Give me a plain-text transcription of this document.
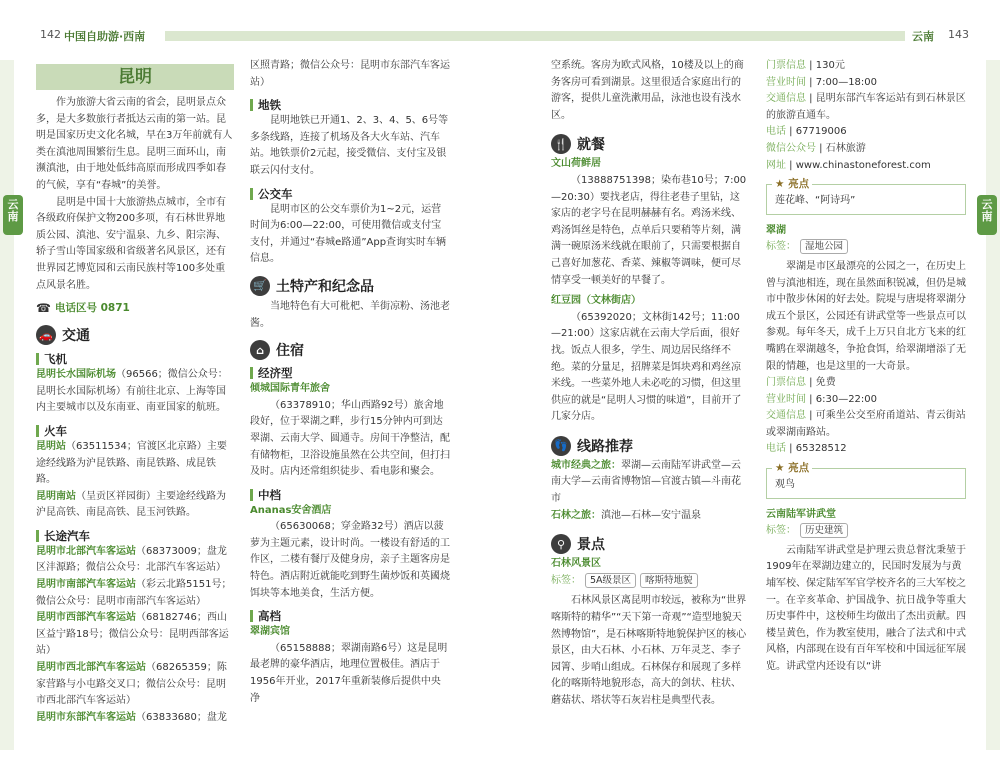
142 中国自助游·西南	云南 143
云南
云南
昆明
作为旅游大省云南的省会，昆明景点众多，是大多数旅行者抵达云南的第一站。昆明是国家历史文化名城，早在3万年前就有人类在滇池周围繁衍生息。昆明三面环山，南濒滇池，由于地处低纬高原而形成四季如春的气候，享有“春城”的美誉。
昆明是中国十大旅游热点城市，全市有各级政府保护文物200多项，有石林世界地质公园、滇池、安宁温泉、九乡、阳宗海、轿子雪山等国家级和省级著名风景区，还有世界园艺博览园和云南民族村等100多处重点风景名胜。
☎ 电话区号 0871
🚗 交通
飞机
昆明长水国际机场（96566；微信公众号：昆明长水国际机场）有前往北京、上海等国内主要城市以及东南亚、南亚国家的航班。
火车
昆明站（63511534；官渡区北京路）主要途经线路为沪昆铁路、南昆铁路、成昆铁路。
昆明南站（呈贡区祥园街）主要途经线路为沪昆高铁、南昆高铁、昆玉河铁路。
长途汽车
昆明市北部汽车客运站（68373009；盘龙区沣源路；微信公众号：北部汽车客运站）
昆明市南部汽车客运站（彩云北路5151号；微信公众号：昆明市南部汽车客运站）
昆明市西部汽车客运站（68182746；西山区益宁路18号；微信公众号：昆明西部客运站）
昆明市西北部汽车客运站（68265359；陈家营路与小屯路交叉口；微信公众号：昆明市西北部汽车客运站）
昆明市东部汽车客运站（63833680；盘龙
区照青路；微信公众号：昆明市东部汽车客运站）
地铁
昆明地铁已开通1、2、3、4、5、6号等多条线路，连接了机场及各大火车站、汽车站。地铁票价2元起，接受微信、支付宝及银联云闪付支付。
公交车
昆明市区的公交车票价为1~2元，运营时间为6:00—22:00，可使用微信或支付宝支付，并通过“春城e路通”App查询实时车辆信息。
🛒 土特产和纪念品
当地特色有大可枇杷、羊街凉粉、汤池老酱。
⌂ 住宿
经济型
倾城国际青年旅舍
（63378910；华山西路92号）旅舍地段好，位于翠湖之畔，步行15分钟内可到达翠湖、云南大学、圆通寺。房间干净整洁，配有储物柜，卫浴设施虽然在公共空间，但打扫及时。店内还常组织徒步、看电影和聚会。
中档
Ananas安舍酒店
（65630068；穿金路32号）酒店以菠萝为主题元素，设计时尚。一楼设有舒适的工作区，二楼有餐厅及健身房，亲子主题客房是特色。酒店附近就能吃到野生菌炒饭和英國烧饵块等本地美食，生活方便。
高档
翠湖宾馆
（65158888；翠湖南路6号）这是昆明最老牌的豪华酒店，地理位置极佳。酒店于1956年开业，2017年重新装修后提供中央净
空系统。客房为欧式风格，10楼及以上的商务客房可看到湖景。这里很适合家庭出行的游客，提供儿童洗漱用品，泳池也设有浅水区。
🍴 就餐
文山荷鲜居
（13888751398；染布巷10号；7:00—20:30）要找老店，得往老巷子里钻，这家店的老字号在昆明赫赫有名。鸡汤米线、鸡汤饵丝是特色，点单后只要稍等片刻，满满一碗原汤米线就在眼前了，只需要根据自己喜好加葱花、香菜、辣椒等调味，便可尽情享受一顿美好的早餐了。
红豆园（文林街店）
（65392020；文林街142号；11:00—21:00）这家店就在云南大学后面，很好找。饭点人很多，学生、周边居民络绎不绝。菜的分量足，招牌菜是饵块鸡和鸡丝凉米线。一些菜外地人未必吃的习惯，但这里供应的就是“昆明人习惯的味道”，目前开了几家分店。
👣 线路推荐
城市经典之旅：翠湖—云南陆军讲武堂—云南大学—云南省博物馆—官渡古镇—斗南花市
石林之旅：滇池—石林—安宁温泉
⚲ 景点
石林风景区
标签： 5A级景区 喀斯特地貌
石林风景区离昆明市较远，被称为“世界喀斯特的精华”“天下第一奇观”“造型地貌天然博物馆”，是石林喀斯特地貌保护区的核心景区，由大石林、小石林、万年灵芝、李子园箐、步哨山组成。石林保存和展现了多样化的喀斯特地貌形态，高大的剑状、柱状、蘑菇状、塔状等石灰岩柱是典型代表。
门票信息 | 130元
营业时间 | 7:00—18:00
交通信息 | 昆明东部汽车客运站有到石林景区的旅游直通车。
电话 | 67719006
微信公众号 | 石林旅游
网址 | www.chinastoneforest.com
★ 亮点
莲花峰、“阿诗玛”
翠湖
标签： 湿地公园
翠湖是市区最漂亮的公园之一，在历史上曾与滇池相连，现在虽然面积锐减，但仍是城市中散步休闲的好去处。院堤与唐堤将翠湖分成五个景区，公园还有讲武堂等一些景点可以参观。每年冬天，成千上万只自北方飞来的红嘴鸥在翠湖越冬，争抢食饵，给翠湖增添了无限的情趣，也是这里的一大奇景。
门票信息 | 免费
营业时间 | 6:30—22:00
交通信息 | 可乘坐公交至府甬道站、青云街站或翠湖南路站。
电话 | 65328512
★ 亮点
观鸟
云南陆军讲武堂
标签： 历史建筑
云南陆军讲武堂是护理云贵总督沈秉堃于1909年在翠湖边建立的，民国时发展为与黄埔军校、保定陆军军官学校齐名的三大军校之一。在辛亥革命、护国战争、抗日战争等重大历史事件中，这校师生均做出了杰出贡献。四楼呈黄色，作为教室使用，融合了法式和中式风格，内部现在设有百年军校和中国远征军展览。讲武堂内还设有以“讲
